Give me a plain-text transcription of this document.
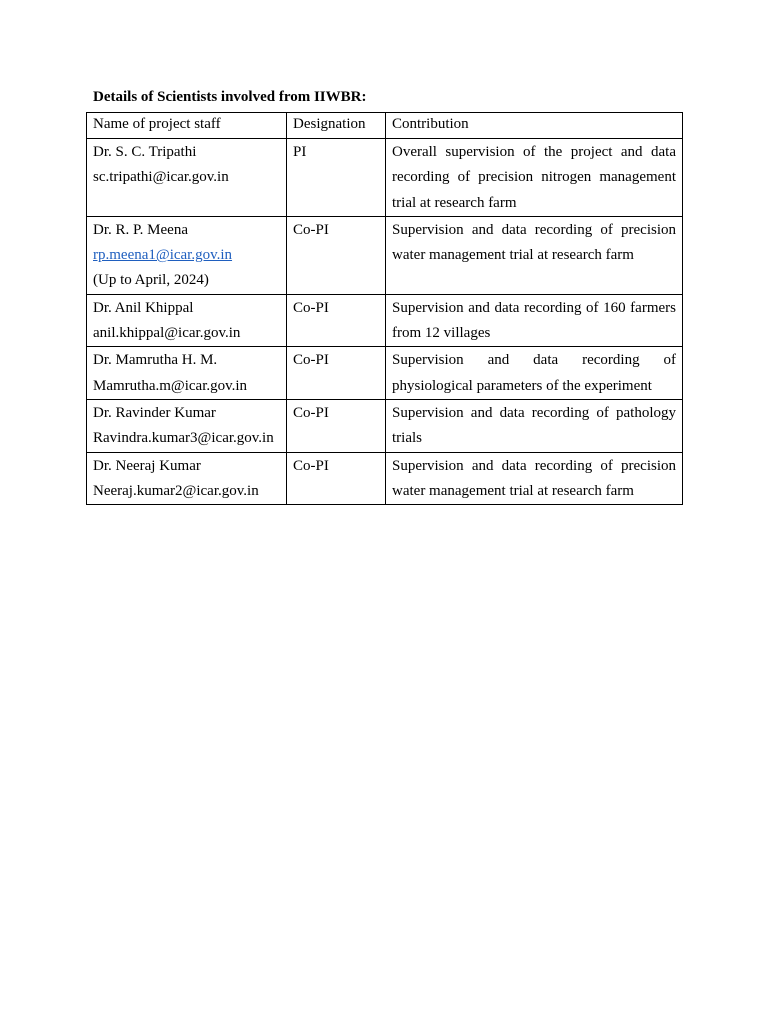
Details of Scientists involved from IIWBR:
Name of project staff	Designation	Contribution

Dr. S. C. Tripathi
sc.tripathi@icar.gov.in	PI	Overall supervision of the project and data recording of precision nitrogen management trial at research farm

Dr. R. P. Meena
rp.meena1@icar.gov.in
(Up to April, 2024)	Co-PI	Supervision and data recording of precision water management trial at research farm

Dr. Anil Khippal
anil.khippal@icar.gov.in	Co-PI	Supervision and data recording of 160 farmers from 12 villages

Dr. Mamrutha H. M.
Mamrutha.m@icar.gov.in	Co-PI	Supervision and data recording of physiological parameters of the experiment

Dr. Ravinder Kumar
Ravindra.kumar3@icar.gov.in	Co-PI	Supervision and data recording of pathology trials

Dr. Neeraj Kumar
Neeraj.kumar2@icar.gov.in	Co-PI	Supervision and data recording of precision water management trial at research farm
